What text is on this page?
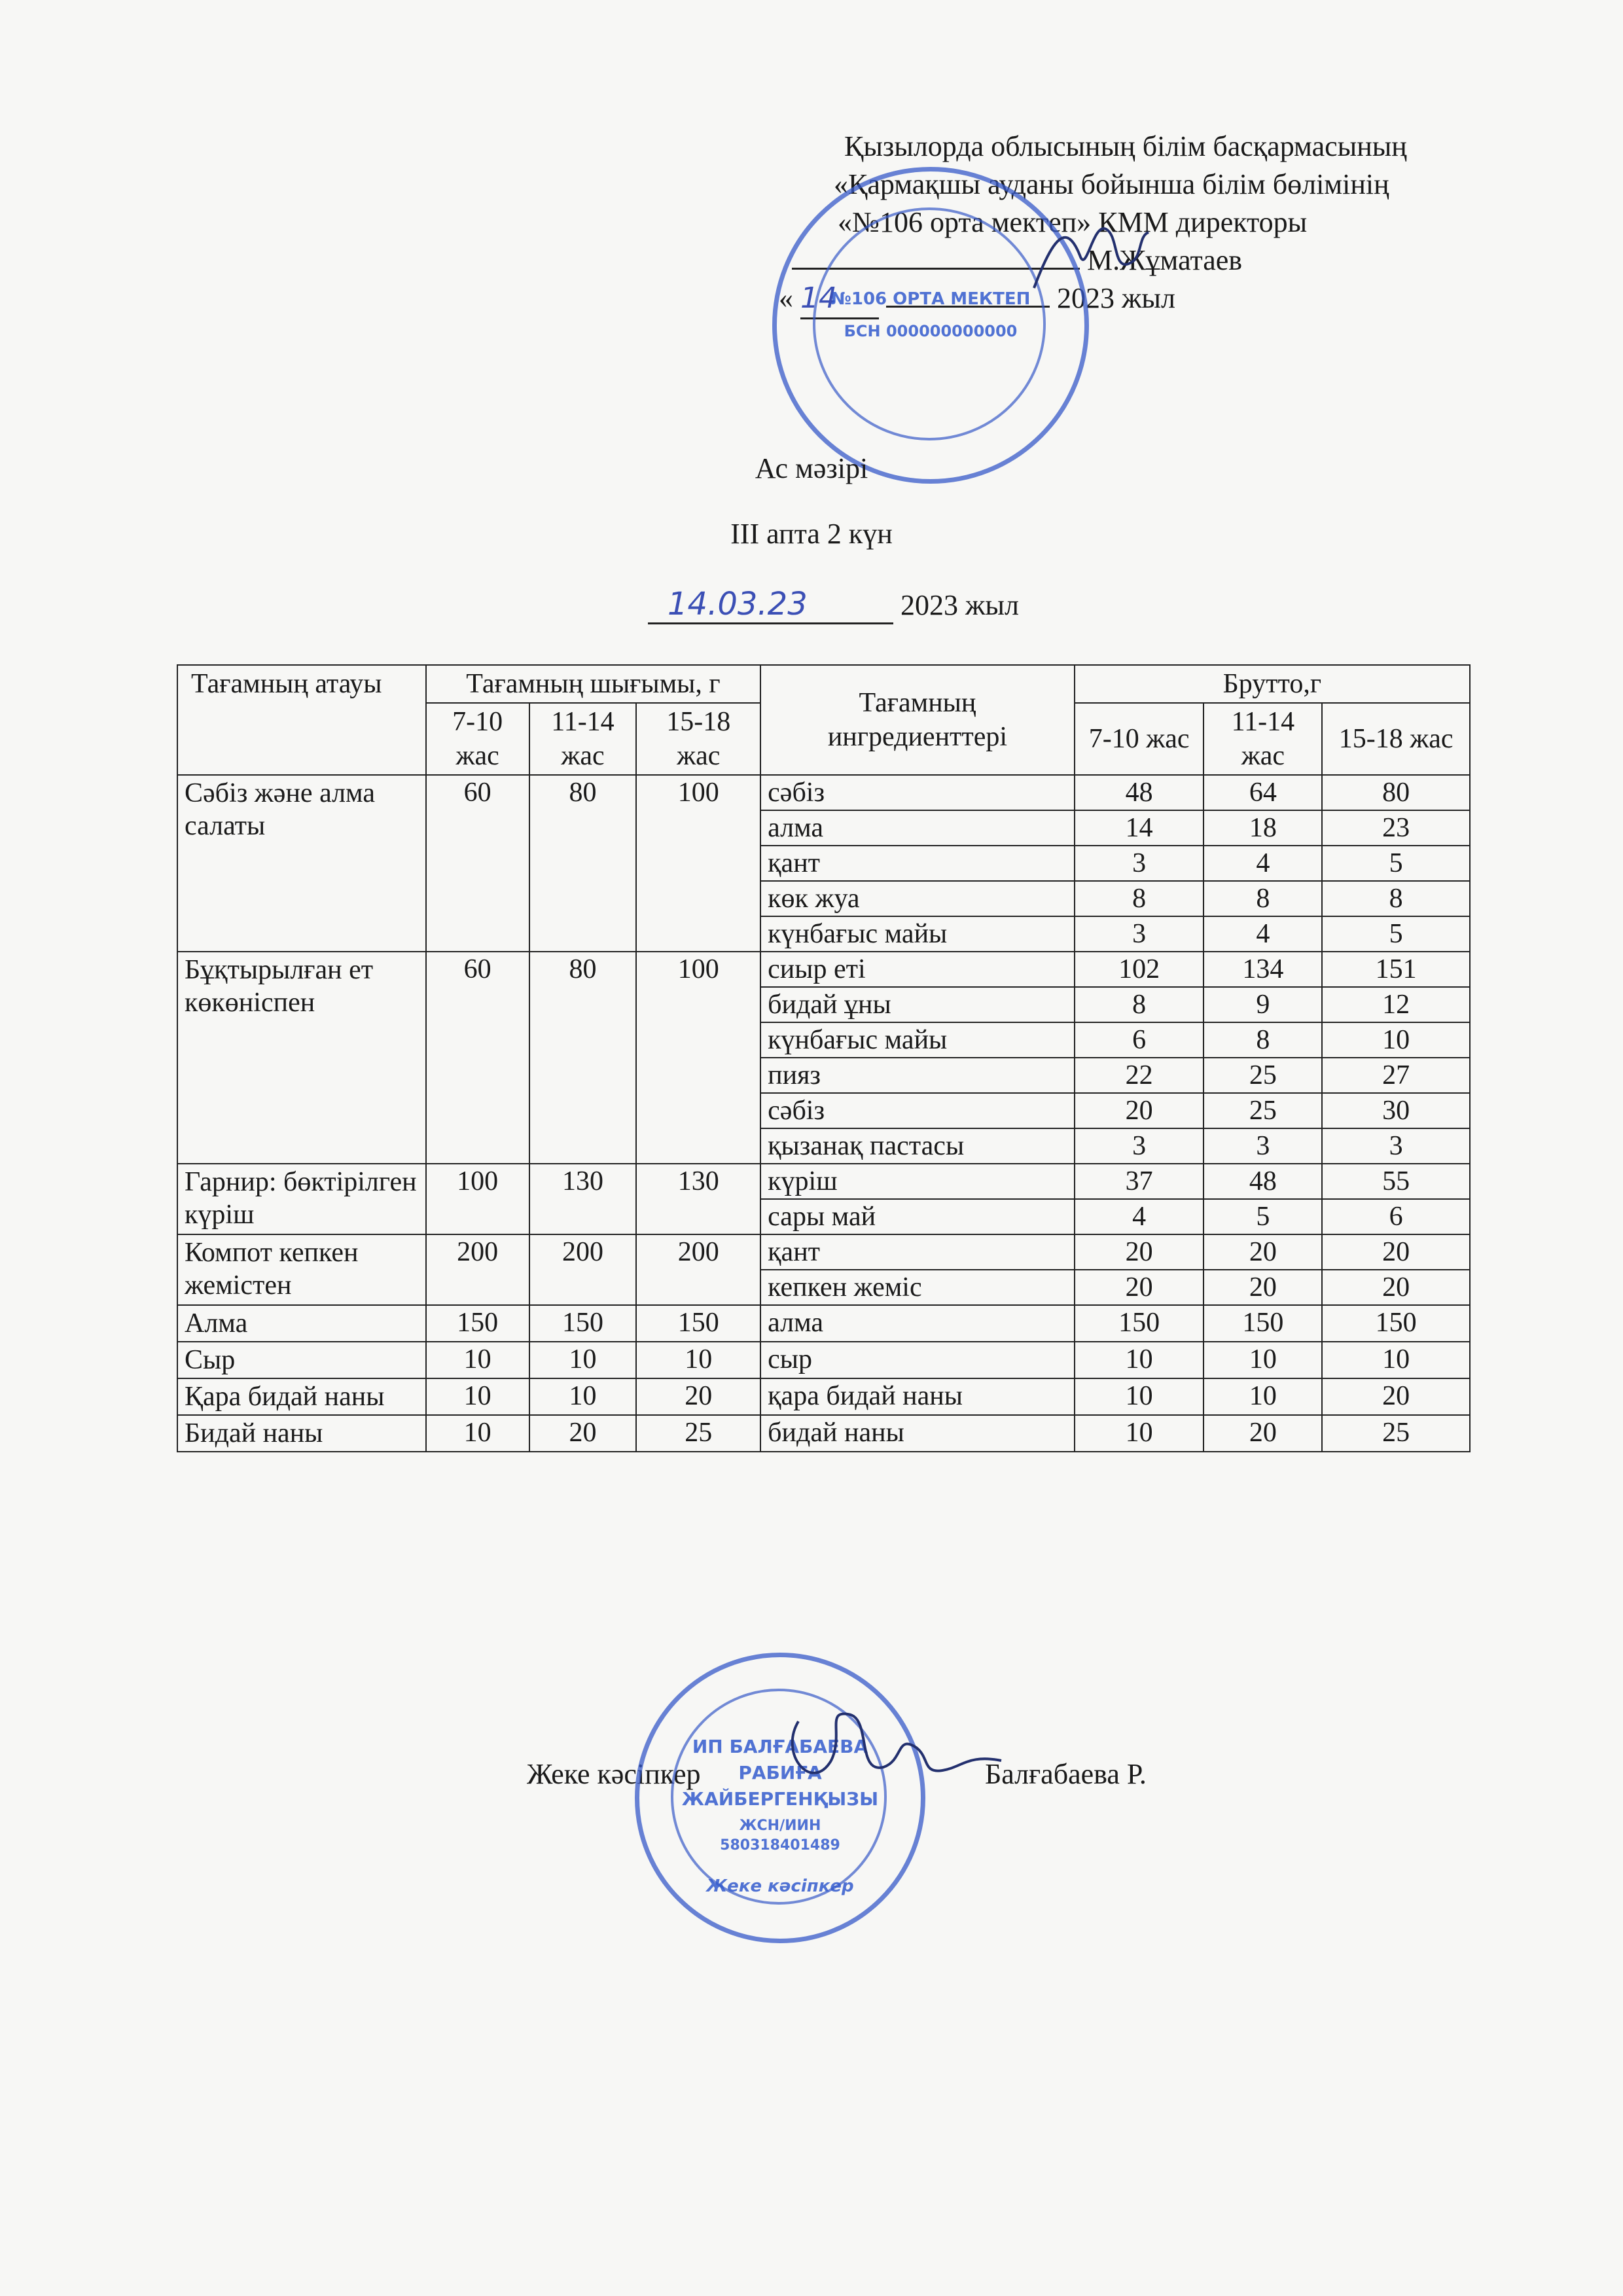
Қызылорда облысының білім басқармасының
«Қармақшы ауданы бойынша білім бөлімінің
«№106 орта мектеп» КММ директоры
М.Жұматаев
« 14	2023 жыл
№106 ОРТА МЕКТЕП
БСН 000000000000
Ас мәзірі
III апта 2 күн
14.03.23	2023 жыл
Тағамның атауы	Тағамның шығымы, г			Тағамның ингредиенттері	Брутто,г		
	7-10 жас	11-14 жас	15-18 жас		7-10 жас	11-14 жас	15-18 жас
Сәбіз және алма салаты	60	80	100	сәбіз	48	64	80
				алма	14	18	23
				қант	3	4	5
				көк жуа	8	8	8
				күнбағыс майы	3	4	5
Бұқтырылған ет көкөніспен	60	80	100	сиыр еті	102	134	151
				бидай ұны	8	9	12
				күнбағыс майы	6	8	10
				пияз	22	25	27
				сәбіз	20	25	30
				қызанақ пастасы	3	3	3
Гарнир: бөктірілген күріш	100	130	130	күріш	37	48	55
				сары май	4	5	6
Компот кепкен жемістен	200	200	200	қант	20	20	20
				кепкен жеміс	20	20	20
Алма	150	150	150	алма	150	150	150
Сыр	10	10	10	сыр	10	10	10
Қара бидай наны	10	10	20	қара бидай наны	10	10	20
Бидай наны	10	20	25	бидай наны	10	20	25
Жеке кәсіпкер	Балғабаева Р.
ИП БАЛҒАБАЕВА
РАБИҒА
ЖАЙБЕРГЕНҚЫЗЫ
ЖСН/ИИН
580318401489
Жеке кәсіпкер
